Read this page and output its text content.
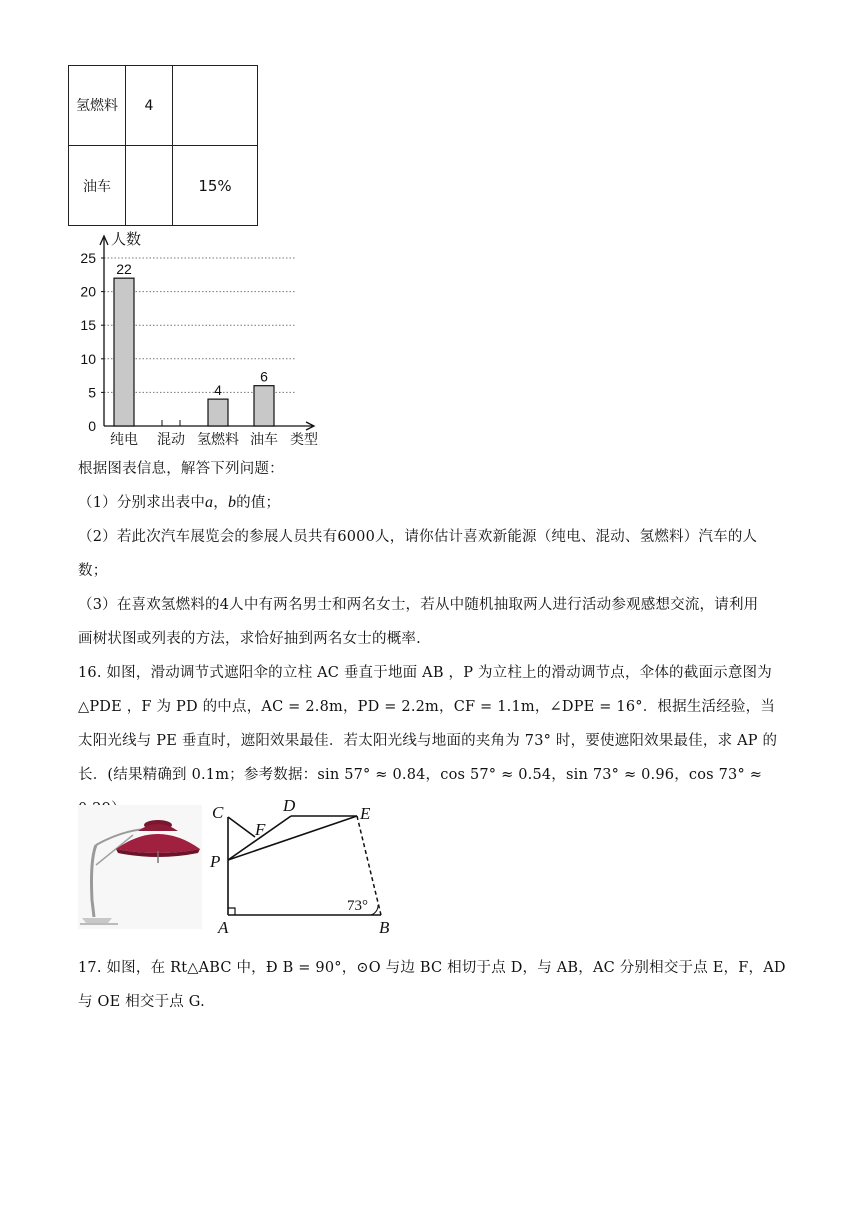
氢燃料	4	
油车		15%
0
5
10
15
20
25
人数
22
纯电 混动
4
氢燃料
6
油车 类型
根据图表信息，解答下列问题：
（1）分别求出表中a，b的值；
（2）若此次汽车展览会的参展人员共有6000人，请你估计喜欢新能源（纯电、混动、氢燃料）汽车的人
数；
（3）在喜欢氢燃料的4人中有两名男士和两名女士，若从中随机抽取两人进行活动参观感想交流，请利用
画树状图或列表的方法，求恰好抽到两名女士的概率.
16. 如图，滑动调节式遮阳伞的立柱 AC 垂直于地面 AB ，P 为立柱上的滑动调节点，伞体的截面示意图为
△PDE ，F 为 PD 的中点，AC = 2.8m，PD = 2.2m，CF = 1.1m，∠DPE = 16°．根据生活经验，当
太阳光线与 PE 垂直时，遮阳效果最佳．若太阳光线与地面的夹角为 73° 时，要使遮阳效果最佳，求 AP 的
长．(结果精确到 0.1m；参考数据：sin 57° ≈ 0.84，cos 57° ≈ 0.54，sin 73° ≈ 0.96，cos 73° ≈
C	D	E
F
P
A	B
73°
17. 如图，在 Rt△ABC 中，Ð B = 90°，⊙O 与边 BC 相切于点 D，与 AB，AC 分别相交于点 E，F，AD
与 OE 相交于点 G.
